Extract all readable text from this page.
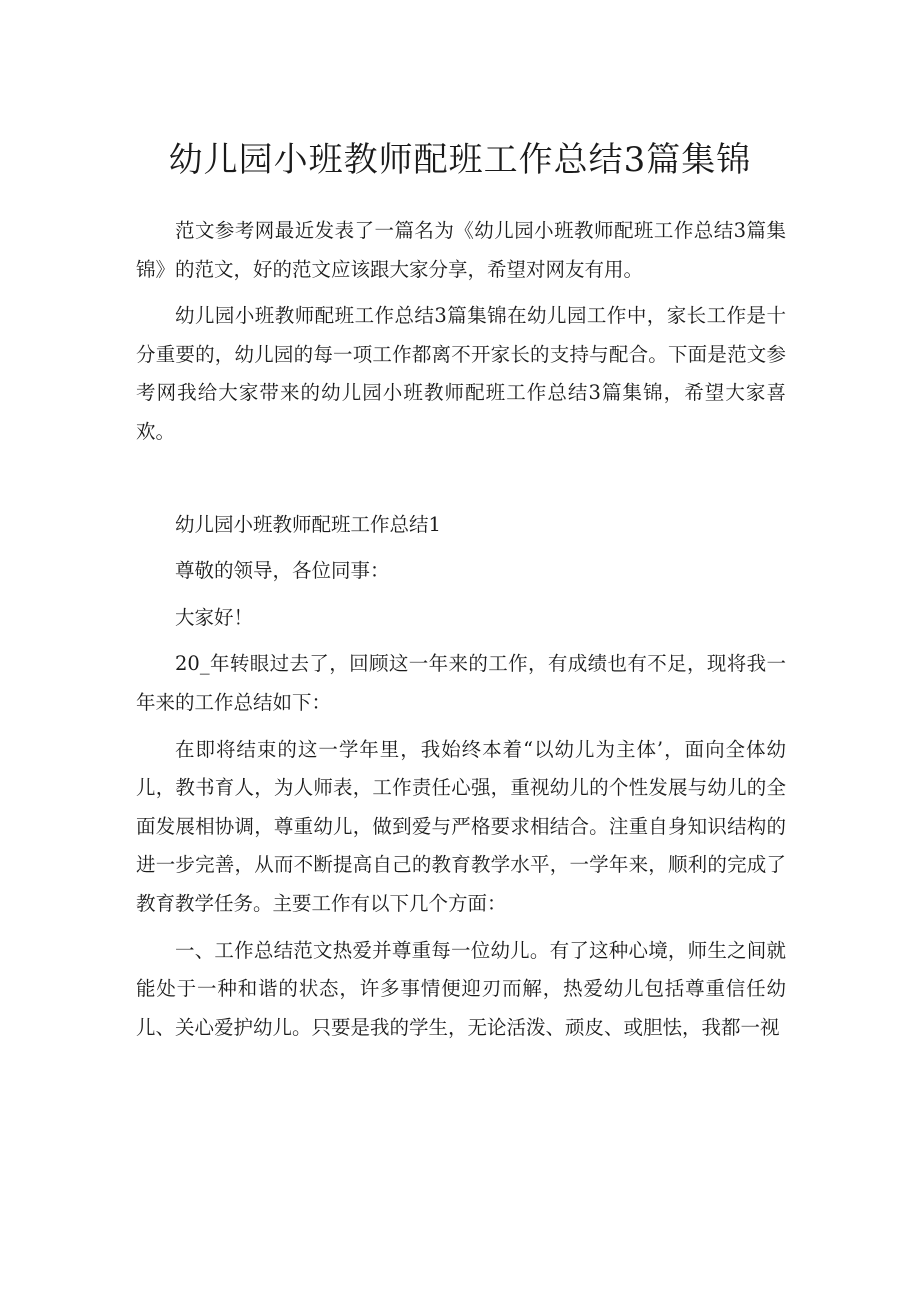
幼儿园小班教师配班工作总结3篇集锦

范文参考网最近发表了一篇名为《幼儿园小班教师配班工作总结3篇集锦》的范文，好的范文应该跟大家分享，希望对网友有用。

幼儿园小班教师配班工作总结3篇集锦在幼儿园工作中，家长工作是十分重要的，幼儿园的每一项工作都离不开家长的支持与配合。下面是范文参考网我给大家带来的幼儿园小班教师配班工作总结3篇集锦，希望大家喜欢。

幼儿园小班教师配班工作总结1

尊敬的领导，各位同事：

大家好！

20_年转眼过去了，回顾这一年来的工作，有成绩也有不足，现将我一年来的工作总结如下：

在即将结束的这一学年里，我始终本着“以幼儿为主体’，面向全体幼儿，教书育人，为人师表，工作责任心强，重视幼儿的个性发展与幼儿的全面发展相协调，尊重幼儿，做到爱与严格要求相结合。注重自身知识结构的进一步完善，从而不断提高自己的教育教学水平，一学年来，顺利的完成了教育教学任务。主要工作有以下几个方面：

一、工作总结范文热爱并尊重每一位幼儿。有了这种心境，师生之间就能处于一种和谐的状态，许多事情便迎刃而解，热爱幼儿包括尊重信任幼儿、关心爱护幼儿。只要是我的学生，无论活泼、顽皮、或胆怯，我都一视
